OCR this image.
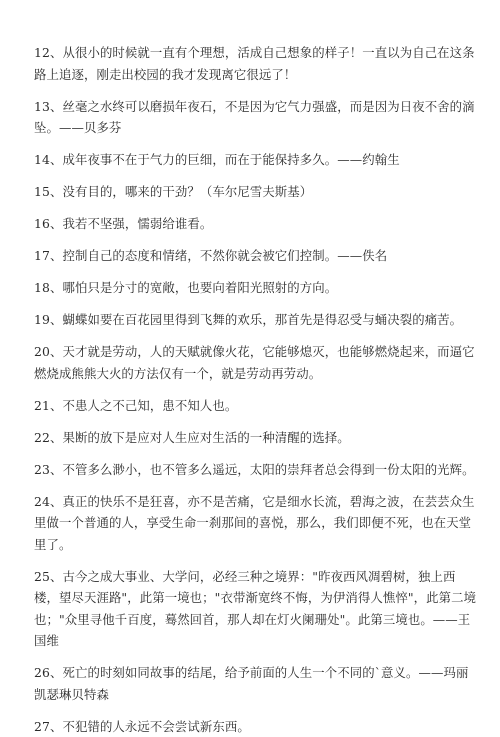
12、从很小的时候就一直有个理想，活成自己想象的样子！一直以为自己在这条路上追逐，刚走出校园的我才发现离它很远了！

13、丝毫之水终可以磨损年夜石，不是因为它气力强盛，而是因为日夜不舍的滴坠。——贝多芬

14、成年夜事不在于气力的巨细，而在于能保持多久。——约翰生

15、没有目的，哪来的干劲？（车尔尼雪夫斯基）

16、我若不坚强，懦弱给谁看。

17、控制自己的态度和情绪，不然你就会被它们控制。——佚名

18、哪怕只是分寸的宽敞，也要向着阳光照射的方向。

19、蝴蝶如要在百花园里得到飞舞的欢乐，那首先是得忍受与蛹决裂的痛苦。

20、天才就是劳动，人的天赋就像火花，它能够熄灭，也能够燃烧起来，而逼它燃烧成熊熊大火的方法仅有一个，就是劳动再劳动。

21、不患人之不己知，患不知人也。

22、果断的放下是应对人生应对生活的一种清醒的选择。

23、不管多么渺小，也不管多么遥远，太阳的崇拜者总会得到一份太阳的光辉。

24、真正的快乐不是狂喜，亦不是苦痛，它是细水长流，碧海之波，在芸芸众生里做一个普通的人，享受生命一刹那间的喜悦，那么，我们即便不死，也在天堂里了。

25、古今之成大事业、大学问，必经三种之境界："昨夜西风凋碧树，独上西楼，望尽天涯路"，此第一境也；"衣带渐宽终不悔，为伊消得人憔悴"，此第二境也；"众里寻他千百度，蓦然回首，那人却在灯火阑珊处"。此第三境也。——王国维

26、死亡的时刻如同故事的结尾，给予前面的人生一个不同的`意义。——玛丽凯瑟琳贝特森

27、不犯错的人永远不会尝试新东西。
